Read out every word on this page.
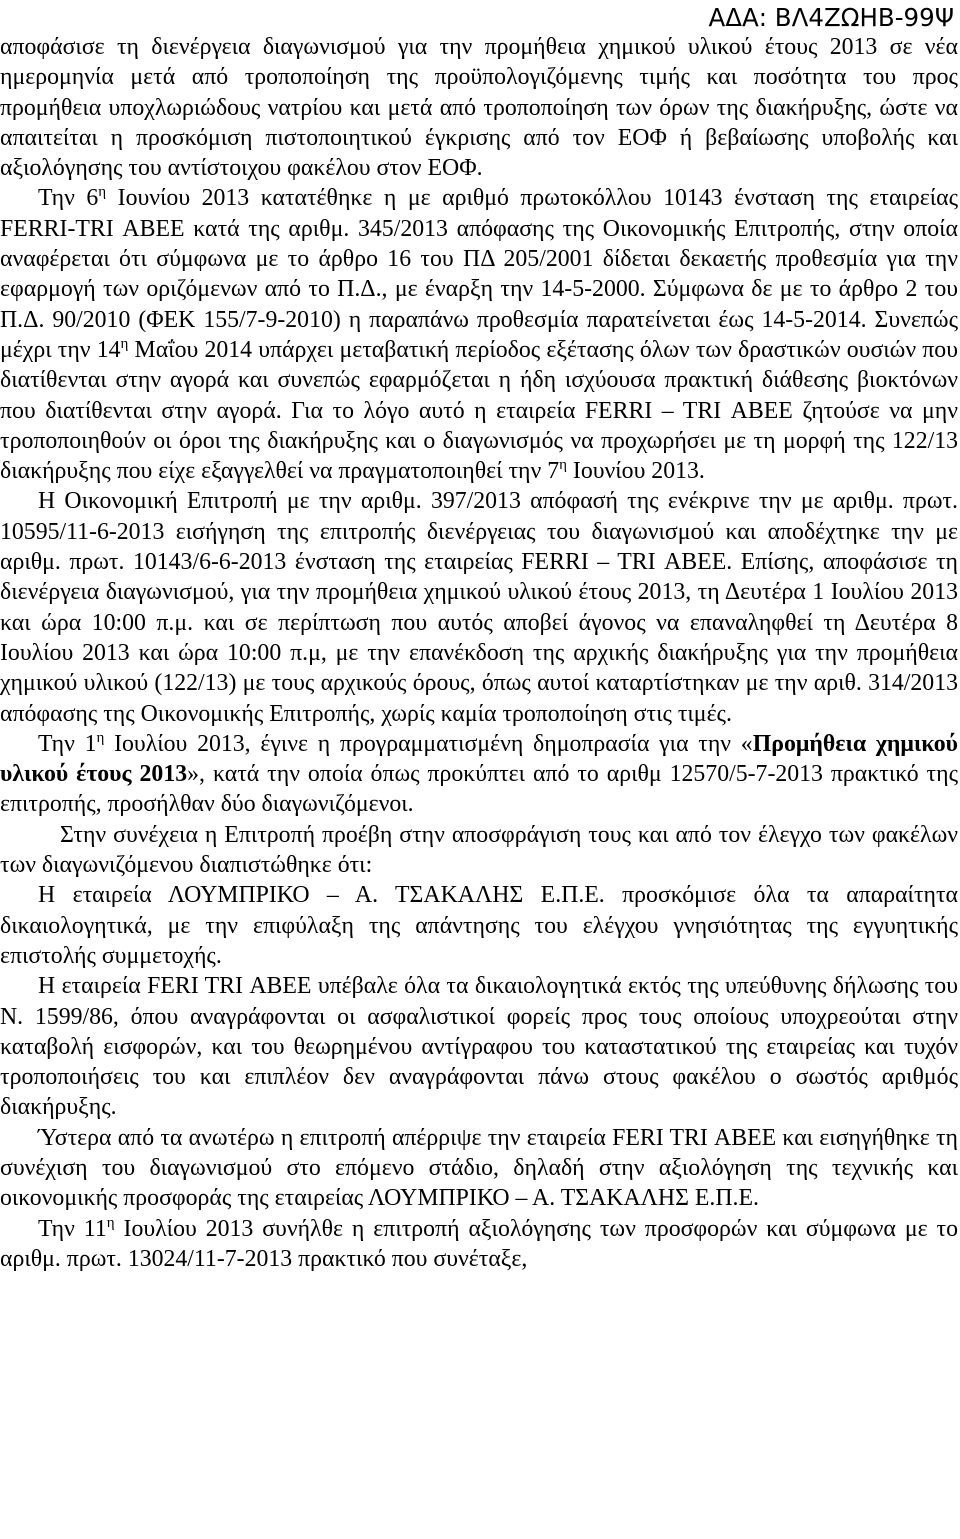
ΑΔΑ: ΒΛ4ΖΩΗΒ-99Ψ

αποφάσισε τη διενέργεια διαγωνισμού για την προμήθεια χημικού υλικού έτους 2013 σε νέα ημερομηνία μετά από τροποποίηση της προϋπολογιζόμενης τιμής και ποσότητα του προς προμήθεια υποχλωριώδους νατρίου και μετά από τροποποίηση των όρων της διακήρυξης, ώστε να απαιτείται η προσκόμιση πιστοποιητικού έγκρισης από τον ΕΟΦ ή βεβαίωσης υποβολής και αξιολόγησης του αντίστοιχου φακέλου στον ΕΟΦ.

Την $6^\eta$ Ιουνίου 2013 κατατέθηκε η με αριθμό πρωτοκόλλου 10143 ένσταση της εταιρείας FERRI-TRI ΑΒΕΕ κατά της αριθμ. 345/2013 απόφασης της Οικονομικής Επιτροπής, στην οποία αναφέρεται ότι σύμφωνα με το άρθρο 16 του ΠΔ 205/2001 δίδεται δεκαετής προθεσμία για την εφαρμογή των οριζόμενων από το Π.Δ., με έναρξη την 14-5-2000. Σύμφωνα δε με το άρθρο 2 του Π.Δ. 90/2010 (ΦΕΚ 155/7-9-2010) η παραπάνω προθεσμία παρατείνεται έως 14-5-2014. Συνεπώς μέχρι την $14^\eta$ Μαΐου 2014 υπάρχει μεταβατική περίοδος εξέτασης όλων των δραστικών ουσιών που διατίθενται στην αγορά και συνεπώς εφαρμόζεται η ήδη ισχύουσα πρακτική διάθεσης βιοκτόνων που διατίθενται στην αγορά. Για το λόγο αυτό η εταιρεία FERRI – TRI ΑΒΕΕ ζητούσε να μην τροποποιηθούν οι όροι της διακήρυξης και ο διαγωνισμός να προχωρήσει με τη μορφή της 122/13 διακήρυξης που είχε εξαγγελθεί να πραγματοποιηθεί την $7^\eta$ Ιουνίου 2013.

Η Οικονομική Επιτροπή με την αριθμ. 397/2013 απόφασή της ενέκρινε την με αριθμ. πρωτ. 10595/11-6-2013 εισήγηση της επιτροπής διενέργειας του διαγωνισμού και αποδέχτηκε την με αριθμ. πρωτ. 10143/6-6-2013 ένσταση της εταιρείας FERRI – TRI ΑΒΕΕ. Επίσης, αποφάσισε τη διενέργεια διαγωνισμού, για την προμήθεια χημικού υλικού έτους 2013, τη Δευτέρα 1 Ιουλίου 2013 και ώρα 10:00 π.μ. και σε περίπτωση που αυτός αποβεί άγονος να επαναληφθεί τη Δευτέρα 8 Ιουλίου 2013 και ώρα 10:00 π.μ, με την επανέκδοση της αρχικής διακήρυξης για την προμήθεια χημικού υλικού (122/13) με τους αρχικούς όρους, όπως αυτοί καταρτίστηκαν με την αριθ. 314/2013 απόφασης της Οικονομικής Επιτροπής, χωρίς καμία τροποποίηση στις τιμές.

Την $1^\eta$ Ιουλίου 2013, έγινε η προγραμματισμένη δημοπρασία για την «Προμήθεια χημικού υλικού έτους 2013», κατά την οποία όπως προκύπτει από το αριθμ 12570/5-7-2013 πρακτικό της επιτροπής, προσήλθαν δύο διαγωνιζόμενοι.

Στην συνέχεια η Επιτροπή προέβη στην αποσφράγιση τους και από τον έλεγχο των φακέλων των διαγωνιζόμενου διαπιστώθηκε ότι:

Η εταιρεία ΛΟΥΜΠΡΙΚΟ – Α. ΤΣΑΚΑΛΗΣ Ε.Π.Ε. προσκόμισε όλα τα απαραίτητα δικαιολογητικά, με την επιφύλαξη της απάντησης του ελέγχου γνησιότητας της εγγυητικής επιστολής συμμετοχής.

Η εταιρεία FERI TRI ΑΒΕΕ υπέβαλε όλα τα δικαιολογητικά εκτός της υπεύθυνης δήλωσης του Ν. 1599/86, όπου αναγράφονται οι ασφαλιστικοί φορείς προς τους οποίους υποχρεούται στην καταβολή εισφορών, και του θεωρημένου αντίγραφου του καταστατικού της εταιρείας και τυχόν τροποποιήσεις του και επιπλέον δεν αναγράφονται πάνω στους φακέλου ο σωστός αριθμός διακήρυξης.

Ύστερα από τα ανωτέρω η επιτροπή απέρριψε την εταιρεία FERI TRI ΑΒΕΕ και εισηγήθηκε τη συνέχιση του διαγωνισμού στο επόμενο στάδιο, δηλαδή στην αξιολόγηση της τεχνικής και οικονομικής προσφοράς της εταιρείας ΛΟΥΜΠΡΙΚΟ – Α. ΤΣΑΚΑΛΗΣ Ε.Π.Ε.

Την $11^\eta$ Ιουλίου 2013 συνήλθε η επιτροπή αξιολόγησης των προσφορών και σύμφωνα με το αριθμ. πρωτ. 13024/11-7-2013 πρακτικό που συνέταξε,
